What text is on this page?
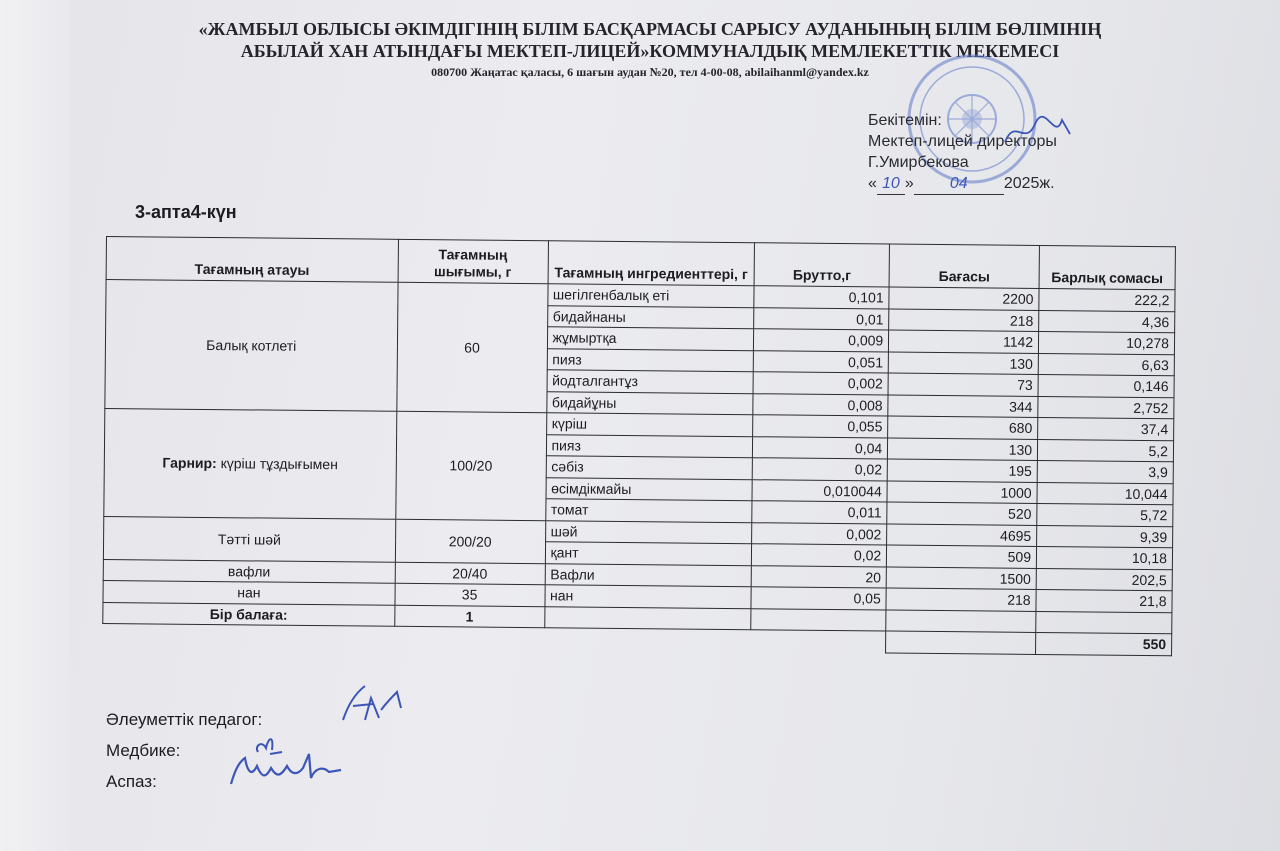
«ЖАМБЫЛ ОБЛЫСЫ ӘКІМДІГІНІҢ БІЛІМ БАСҚАРМАСЫ САРЫСУ АУДАНЫНЫҢ БІЛІМ БӨЛІМІНІҢ
АБЫЛАЙ ХАН АТЫНДАҒЫ МЕКТЕП-ЛИЦЕЙ»КОММУНАЛДЫҚ МЕМЛЕКЕТТІК МЕКЕМЕСІ
080700 Жаңатас қаласы, 6 шағын аудан №20, тел 4-00-08, abilaihanml@yandex.kz
Бекітемін:
Мектеп-лицей директоры
Г.Умирбекова
« 10 » 04 2025ж.
3-апта4-күн
Тағамның атауы	Тағамның шығымы, г	Тағамның ингредиенттері, г	Брутто,г	Бағасы	Барлық сомасы
Балық котлеті	60	шегілгенбалық еті	0,101	2200	222,2
		бидайнаны	0,01	218	4,36
		жұмыртқа	0,009	1142	10,278
		пияз	0,051	130	6,63
		йодталгантұз	0,002	73	0,146
		бидайұны	0,008	344	2,752
Гарнир: күріш тұздығымен	100/20	күріш	0,055	680	37,4
		пияз	0,04	130	5,2
		сәбіз	0,02	195	3,9
		өсімдікмайы	0,010044	1000	10,044
		томат	0,011	520	5,72
Тәтті шәй	200/20	шәй	0,002	4695	9,39
		қант	0,02	509	10,18
вафли	20/40	Вафли	20	1500	202,5
нан	35	нан	0,05	218	21,8
Бір балаға:	1				
					550
Әлеуметтік педагог:
Медбике:
Аспаз:
